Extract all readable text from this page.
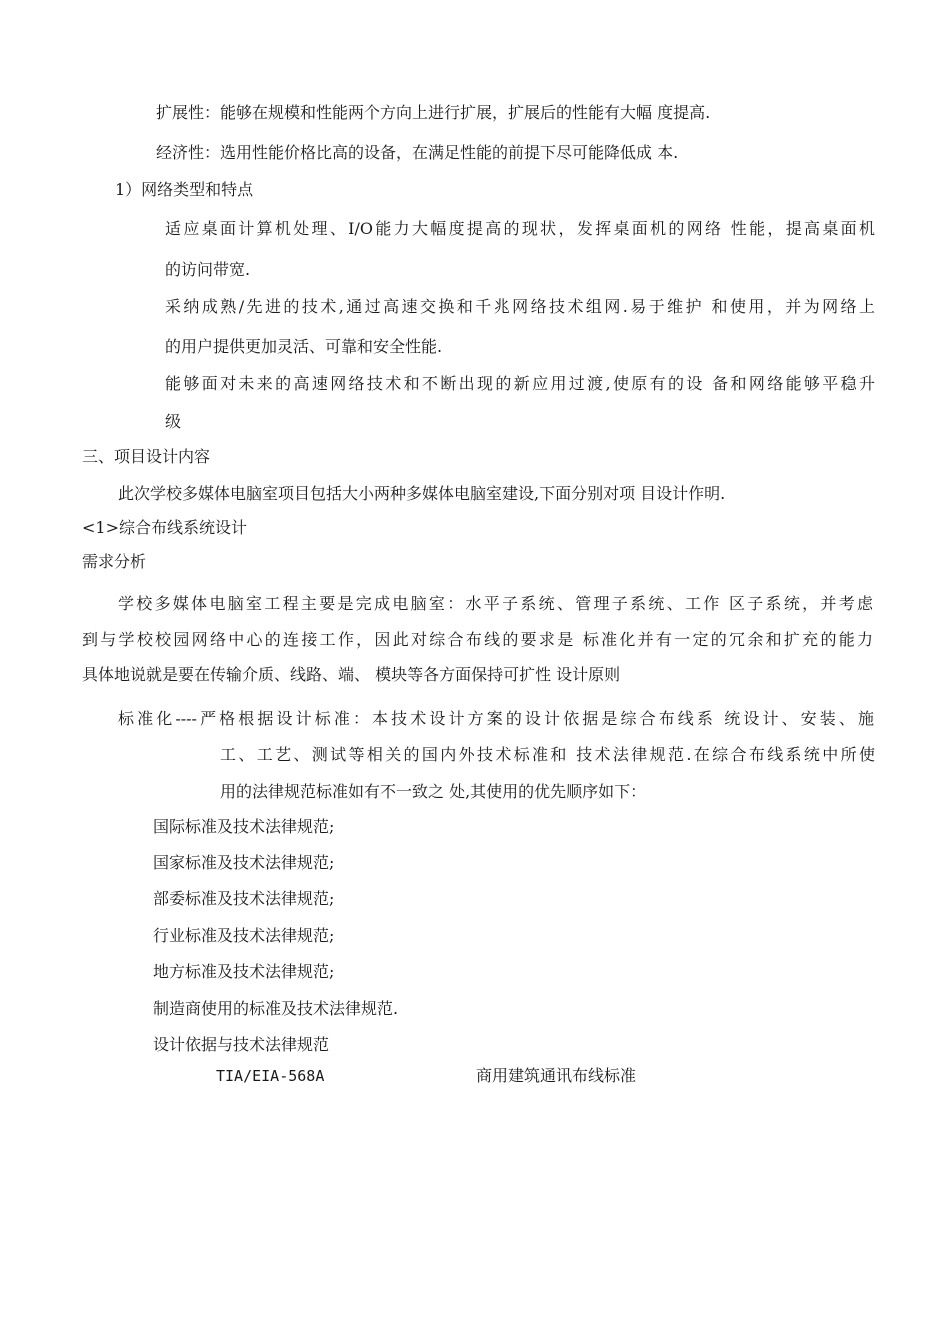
扩展性：能够在规模和性能两个方向上进行扩展，扩展后的性能有大幅 度提高.

经济性：选用性能价格比高的设备，在满足性能的前提下尽可能降低成 本.

1）网络类型和特点

适应桌面计算机处理、I/O能力大幅度提高的现状，发挥桌面机的网络 性能，提高桌面机

的访问带宽.

采纳成熟/先进的技术,通过高速交换和千兆网络技术组网.易于维护 和使用，并为网络上

的用户提供更加灵活、可靠和安全性能.

能够面对未来的高速网络技术和不断出现的新应用过渡,使原有的设 备和网络能够平稳升

级

三、项目设计内容

此次学校多媒体电脑室项目包括大小两种多媒体电脑室建设,下面分别对项 目设计作明.

<1>综合布线系统设计

需求分析

学校多媒体电脑室工程主要是完成电脑室：水平子系统、管理子系统、工作 区子系统，并考虑

到与学校校园网络中心的连接工作，因此对综合布线的要求是 标准化并有一定的冗余和扩充的能力

具体地说就是要在传输介质、线路、端、 模块等各方面保持可扩性 设计原则

标准化----严格根据设计标准：本技术设计方案的设计依据是综合布线系 统设计、安装、施

工、工艺、测试等相关的国内外技术标准和 技术法律规范.在综合布线系统中所使

用的法律规范标准如有不一致之 处,其使用的优先顺序如下：

国际标准及技术法律规范;

国家标准及技术法律规范;

部委标准及技术法律规范;

行业标准及技术法律规范;

地方标准及技术法律规范;

制造商使用的标准及技术法律规范.

设计依据与技术法律规范

TIA/EIA-568A	商用建筑通讯布线标准
